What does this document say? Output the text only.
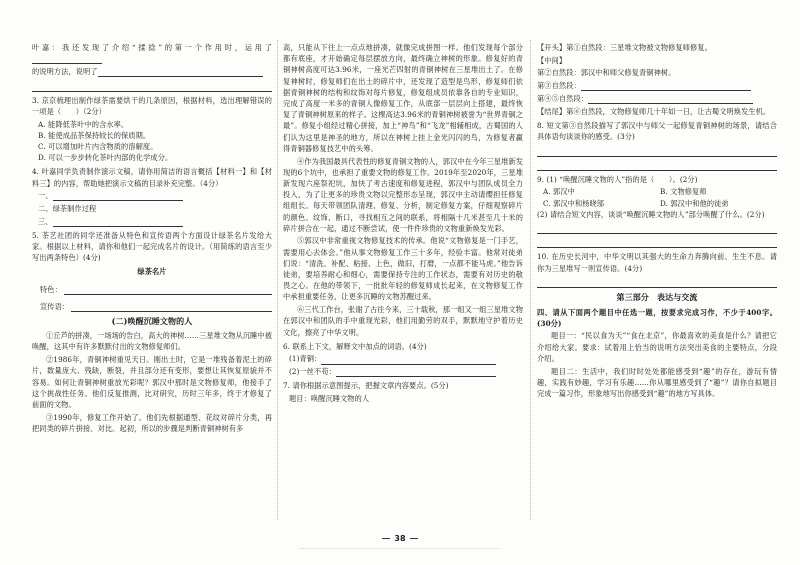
叶嘉：我还发现了介绍“揉捻”的第一个作用时，运用了
的说明方法，说明了
3. 京京梳理出制作绿茶需要烘干的几条原因，根据材料，选出理解错误的一项是（　　）（2分）
A. 能降低茶叶中的含水率。
B. 能使成品茶保持较长的保质期。
C. 可以增加叶片内含物质的溶解度。
D. 可以一步步转化茶叶内部的化学成分。
4. 叶嘉同学负责制作演示文稿，请你用简洁的语言概括【材料一】和【材料三】的内容，帮助她把演示文稿的目录补充完整。（4分）
一、
二、绿茶制作过程
三、
5. 茶艺社团的同学还准备从特色和宣传语两个方面设计绿茶名片发给大家。根据以上材料，请你和他们一起完成名片的设计。（用简练的语言至少写出两条特色）(4分)
绿茶名片
特色：
宣传语：
(二)唤醒沉睡文物的人
①丘芦的拼凑，一场场的告白，高大的神树……三星堆文物从沉睡中被唤醒，这其中有许多默默付出的文物修复师们。
②1986年，青铜神树重见天日。刚出土时，它是一堆残备着泥土的碎片，数量庞大、残缺，断裂，并且部分还有变形，要想让其恢复原貌并不容易。如何让青铜神树重放光彩呢？郭汉中那时是文物修复师，他接手了这个挑战性任务。他们反复推测，比对研究，历时三年多，终于才修复了前面的文物。
③1990年，修复工作开始了。他们先根据通型、花纹对碎片分类，再把同类的碎片拼接、对比。起初，所以的步骤是判断青铜神树有多
高，只能从下往上一点点地拼凑，就像完成拼图一样。他们发现每个部分都有底座，才开始确定每层摆放方向，最终确立神树的形象。修复好的青铜神树高度可达3.96米，一座光芒四射的青铜神树在三星堆出土了。在修复神树时，修复师们在出土的碎片中，还发现了造型是鸟形，修复师们依据青铜神树的结构和纹饰对每片修复，修复组成员依靠各自的专业知识，完成了高度一米多的青铜人像修复工作，从底部一层层向上搭建，最终恢复了青铜神树原来的样子。这棵高达3.96米的青铜神树被誉为“世界青铜之最”。修复小组经过精心拼接，加上“神鸟”和“飞龙”相辅相成，古蜀国的人们认为这里是神圣的地方，所以在神树上挂上金光闪闪的鸟，为修复者赢得青铜器修复技艺中的头筹。
④作为我国最具代表性的修复青铜文物的人，郭汉中在今年三星堆新发现的6个坑中，也承担了重要文物的修复工作。2019年至2020年，三星堆新发现六座祭祀坑，加快了考古速度和修复进程，郭汉中与团队成员全力投入，为了让更多的珍贵文物以完整形态呈现，郭汉中主动请缨担任修复组组长。每天带领团队清理、修复、分析，制定修复方案，仔细观察碎片的颜色、纹饰、断口，寻找相互之间的联系，将相隔十几米甚至几十米的碎片拼合在一起，通过不断尝试，使一件件珍贵的文物重新焕发光彩。
⑤郭汉中非常重视文物修复技术的传承。他说“文物修复是一门手艺，需要用心去体会。”他从事文物修复工作三十多年，经验丰富。他常对徒弟们说：“清洗、补配、粘接、上色，做旧，打磨，一点都不能马虎。”他告诉徒弟，要培养耐心和细心，需要保持专注的工作状态，需要有对历史的敬畏之心。在他的带领下，一批批年轻的修复师成长起来，在文物修复工作中承担重要任务，让更多沉睡的文物苏醒过来。
⑥三代工作台，张谢了古往今来，三十载秋，那一组又一组三星堆文物在郭汉中和团队的手中重现光彩，他们用勤劳的双手，默默地守护着历史文化，擦亮了中华文明。
6. 联系上下文，解释文中加点的词语。(4分)
(1)青铜：
(2)一丝不苟：
7. 请你根据示意图提示，把握文章内容要点。(5分)
题目：唤醒沉睡文物的人
【开头】第①自然段：三星堆文物被文物修复师修复。
【中间】
第②自然段：郭汉中和师父修复青铜神树。
第③自然段：
第④⑤自然段：
【结尾】第⑥自然段，文物修复师几十年如一日，让古蜀文明焕发生机。
8. 短文第③自然段描写了郭汉中与师父一起修复青铜神树的场景，请结合具体语句谈谈你的感受。(3分)
9. (1) “唤醒沉睡文物的人”指的是（　　）。(2分)
A. 郭汉中	B. 文物修复师
C. 郭汉中和杨晓邬	D. 郭汉中和他的徒弟
(2) 请结合短文内容，谈谈“唤醒沉睡文物的人”部分唤醒了什么。(2分)
10. 在历史长河中，中华文明以其强大的生命力奔腾向前、生生不息。请你为三星堆写一则宣传语。(4分)
第三部分　表达与交流
四、请从下面两个题目中任选一题，按要求完成习作，不少于400字。(30分)
题目一：“民以食为天”“食在北京”，你最喜欢的美食是什么？请把它介绍给大家。要求：试着用上恰当的说明方法突出美食的主要特点，分段介绍。
题目二：生活中，我们时时处处都能感受到“趣”的存在，游玩有情趣，实践有妙趣，学习有乐趣……你从哪里感受到了“趣”？请你自拟题目完成一篇习作，形象地写出你感受到“趣”的地方写具体。
38
